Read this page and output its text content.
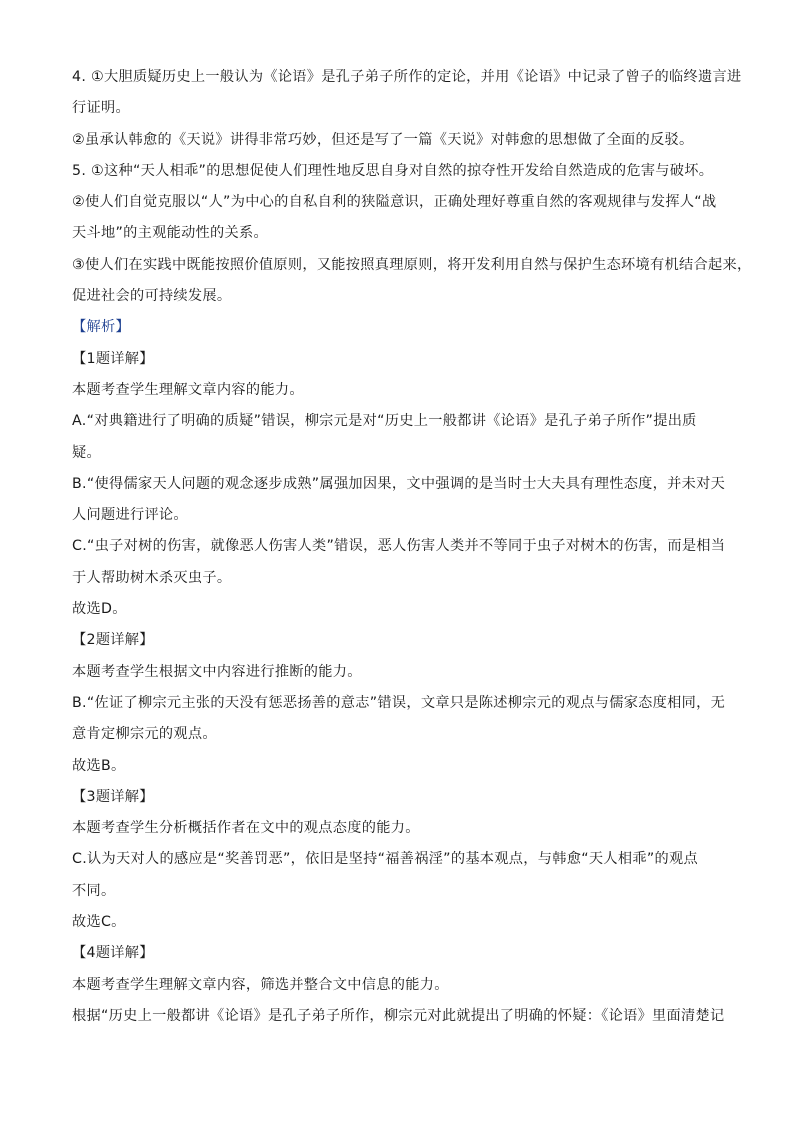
4. ①大胆质疑历史上一般认为《论语》是孔子弟子所作的定论，并用《论语》中记录了曾子的临终遗言进
行证明。
②虽承认韩愈的《天说》讲得非常巧妙，但还是写了一篇《天说》对韩愈的思想做了全面的反驳。
5. ①这种“天人相乖”的思想促使人们理性地反思自身对自然的掠夺性开发给自然造成的危害与破坏。
②使人们自觉克服以“人”为中心的自私自利的狭隘意识，正确处理好尊重自然的客观规律与发挥人“战
天斗地”的主观能动性的关系。
③使人们在实践中既能按照价值原则，又能按照真理原则，将开发利用自然与保护生态环境有机结合起来，
促进社会的可持续发展。
【解析】
【1题详解】
本题考查学生理解文章内容的能力。
A.“对典籍进行了明确的质疑”错误，柳宗元是对“历史上一般都讲《论语》是孔子弟子所作”提出质
疑。
B.“使得儒家天人问题的观念逐步成熟”属强加因果，文中强调的是当时士大夫具有理性态度，并未对天
人问题进行评论。
C.“虫子对树的伤害，就像恶人伤害人类”错误，恶人伤害人类并不等同于虫子对树木的伤害，而是相当
于人帮助树木杀灭虫子。
故选D。
【2题详解】
本题考查学生根据文中内容进行推断的能力。
B.“佐证了柳宗元主张的天没有惩恶扬善的意志”错误，文章只是陈述柳宗元的观点与儒家态度相同，无
意肯定柳宗元的观点。
故选B。
【3题详解】
本题考查学生分析概括作者在文中的观点态度的能力。
C.认为天对人的感应是“奖善罚恶”，依旧是坚持“福善祸淫”的基本观点，与韩愈“天人相乖”的观点
不同。
故选C。
【4题详解】
本题考查学生理解文章内容，筛选并整合文中信息的能力。
根据“历史上一般都讲《论语》是孔子弟子所作，柳宗元对此就提出了明确的怀疑：《论语》里面清楚记
